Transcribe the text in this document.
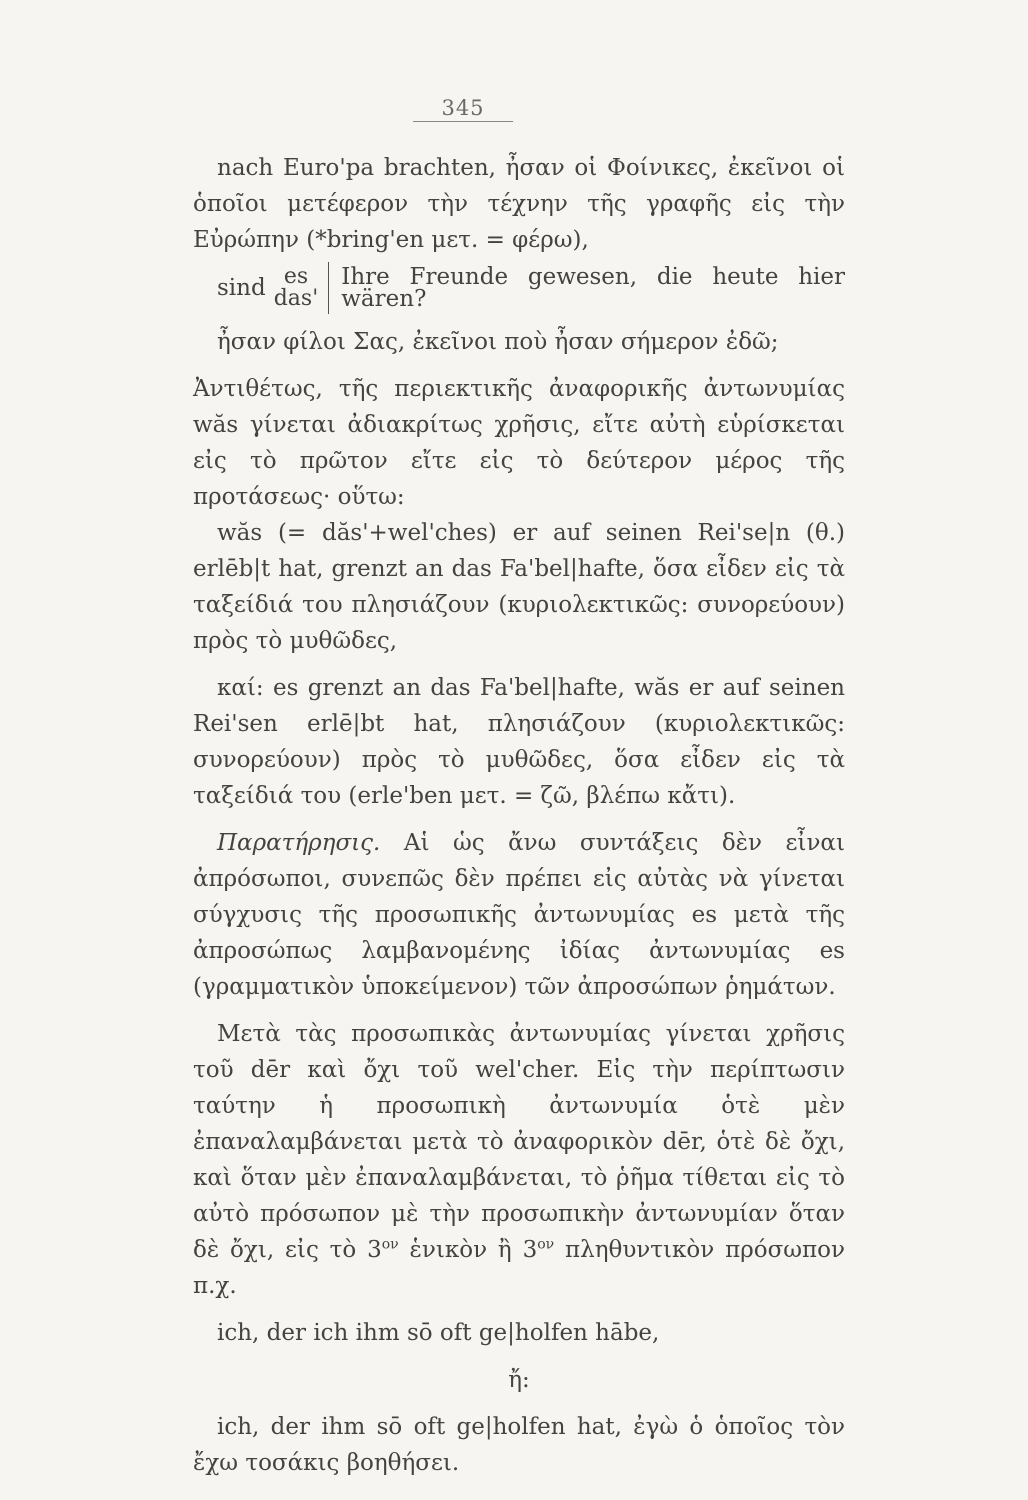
345

nach Euro'pa brachten, ἦσαν οἱ Φοίνικες, ἐκεῖνοι οἱ ὁποῖοι μετέφερον τὴν τέχνην τῆς γραφῆς εἰς τὴν Εὐρώπην (*bring'en μετ. = φέρω),

sind es
das'
Ihre Freunde gewesen, die heute hier wären?

ἦσαν φίλοι Σας, ἐκεῖνοι ποὺ ἦσαν σήμερον ἐδῶ;

Ἀντιθέτως, τῆς περιεκτικῆς ἀναφορικῆς ἀντωνυμίας wăs γίνεται ἀδιακρίτως χρῆσις, εἴτε αὐτὴ εὑρίσκεται εἰς τὸ πρῶτον εἴτε εἰς τὸ δεύτερον μέρος τῆς προτάσεως· οὕτω:

wăs (= dăs'+wel'ches) er auf seinen Rei'se|n (θ.) erlēb|t hat, grenzt an das Fa'bel|hafte, ὅσα εἶδεν εἰς τὰ ταξείδιά του πλησιάζουν (κυριολεκτικῶς: συνορεύουν) πρὸς τὸ μυθῶδες,

καί: es grenzt an das Fa'bel|hafte, wăs er auf seinen Rei'sen erlē|bt hat, πλησιάζουν (κυριολεκτικῶς: συνορεύουν) πρὸς τὸ μυθῶδες, ὅσα εἶδεν εἰς τὰ ταξείδιά του (erle'ben μετ. = ζῶ, βλέπω κἄτι).

Παρατήρησις. Αἱ ὡς ἄνω συντάξεις δὲν εἶναι ἀπρόσωποι, συνεπῶς δὲν πρέπει εἰς αὐτὰς νὰ γίνεται σύγχυσις τῆς προσωπικῆς ἀντωνυμίας es μετὰ τῆς ἀπροσώπως λαμβανομένης ἰδίας ἀντωνυμίας es (γραμματικὸν ὑποκείμενον) τῶν ἀπροσώπων ῥημάτων.

Μετὰ τὰς προσωπικὰς ἀντωνυμίας γίνεται χρῆσις τοῦ dēr καὶ ὄχι τοῦ wel'cher. Εἰς τὴν περίπτωσιν ταύτην ἡ προσωπικὴ ἀντωνυμία ὁτὲ μὲν ἐπαναλαμβάνεται μετὰ τὸ ἀναφορικὸν dēr, ὁτὲ δὲ ὄχι, καὶ ὅταν μὲν ἐπαναλαμβάνεται, τὸ ῥῆμα τίθεται εἰς τὸ αὐτὸ πρόσωπον μὲ τὴν προσωπικὴν ἀντωνυμίαν ὅταν δὲ ὄχι, εἰς τὸ $3^{o\nu}$ ἑνικὸν ἢ $3^{o\nu}$ πληθυντικὸν πρόσωπον π.χ.

ich, der ich ihm sō oft ge|holfen hābe,

ἤ:

ich, der ihm sō oft ge|holfen hat, ἐγὼ ὁ ὁποῖος τὸν ἔχω τοσάκις βοηθήσει.
